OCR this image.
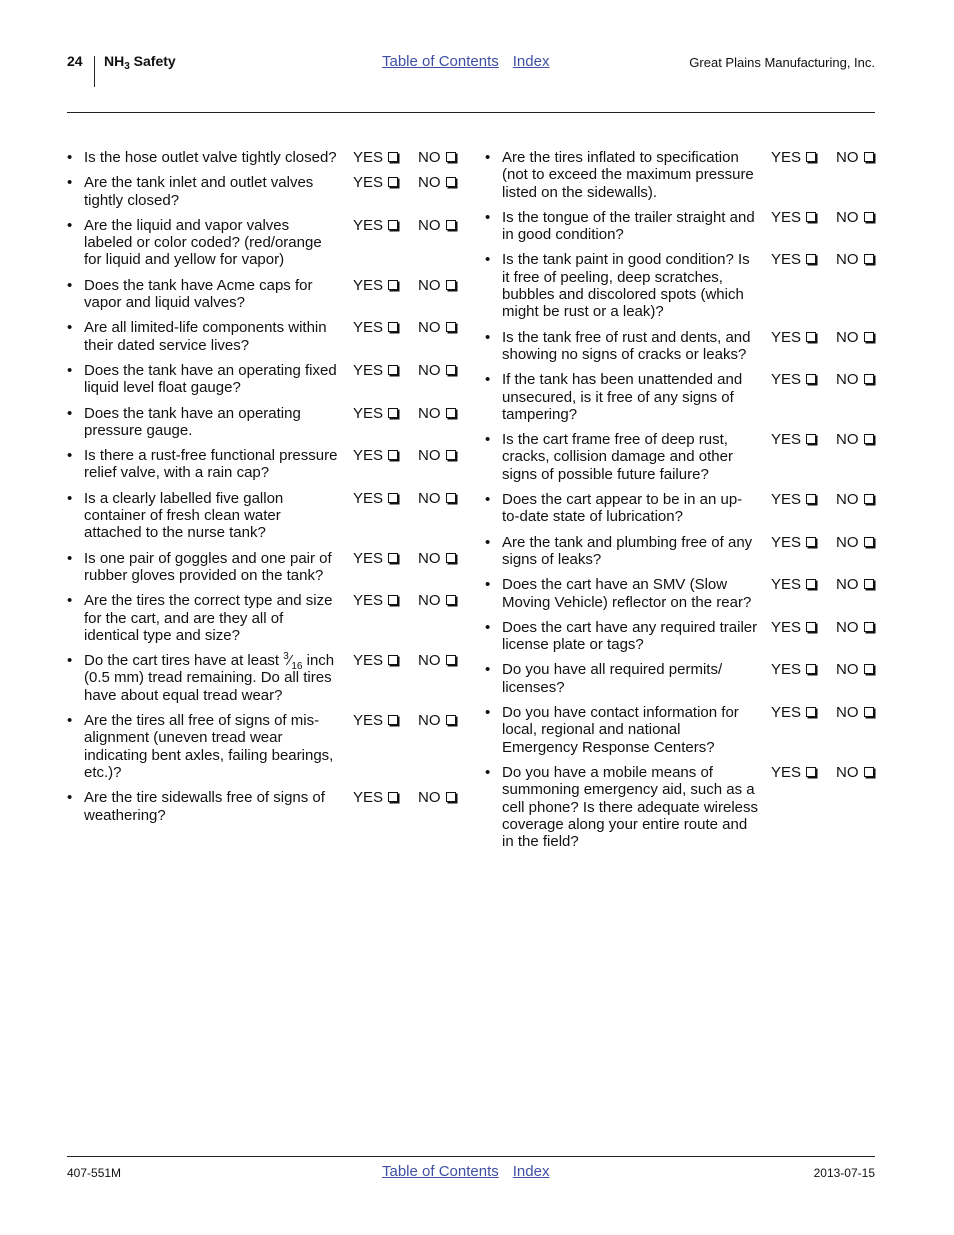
24 $NH_3$ Safety	Table of Contents Index	Great Plains Manufacturing, Inc.
• Is the hose outlet valve tightly closed? YES	NO
• Are the tank inlet and outlet valves tightly closed?
YES	NO
• Are the liquid and vapor valves labeled or color coded? (red/orange for liquid and yellow for vapor)
YES	NO
• Does the tank have Acme caps for vapor and liquid valves?
YES	NO
• Are all limited-life components within their dated service lives?
YES	NO
• Does the tank have an operating fixed liquid level float gauge?
YES	NO
• Does the tank have an operating pressure gauge.
YES	NO
• Is there a rust-free functional pressure relief valve, with a rain cap?
YES	NO
• Is a clearly labelled five gallon container of fresh clean water attached to the nurse tank?
YES	NO
• Is one pair of goggles and one pair of rubber gloves provided on the tank?
YES	NO
• Are the tires the correct type and size for the cart, and are they all of identical type and size?
YES	NO
• Do the cart tires have at least $^3⁄_{16}$ inch (0.5 mm) tread remaining. Do all tires have about equal tread wear?
YES	NO
• Are the tires all free of signs of mis-alignment (uneven tread wear indicating bent axles, failing bearings, etc.)?
YES	NO
• Are the tire sidewalls free of signs of weathering?
YES	NO
• Are the tires inflated to specification (not to exceed the maximum pressure listed on the sidewalls).
YES	NO
• Is the tongue of the trailer straight and in good condition?
YES	NO
• Is the tank paint in good condition? Is it free of peeling, deep scratches, bubbles and discolored spots (which might be rust or a leak)?
YES	NO
• Is the tank free of rust and dents, and showing no signs of cracks or leaks?
YES	NO
• If the tank has been unattended and unsecured, is it free of any signs of tampering?
YES	NO
• Is the cart frame free of deep rust, cracks, collision damage and other signs of possible future failure?
YES	NO
• Does the cart appear to be in an up-to-date state of lubrication?
YES	NO
• Are the tank and plumbing free of any signs of leaks?
YES	NO
• Does the cart have an SMV (Slow Moving Vehicle) reflector on the rear?
YES	NO
• Does the cart have any required trailer license plate or tags?
YES	NO
• Do you have all required permits/ licenses?
YES	NO
• Do you have contact information for local, regional and national Emergency Response Centers?
YES	NO
• Do you have a mobile means of summoning emergency aid, such as a cell phone? Is there adequate wireless coverage along your entire route and in the field?
YES	NO
407-551M	Table of Contents Index	2013-07-15
